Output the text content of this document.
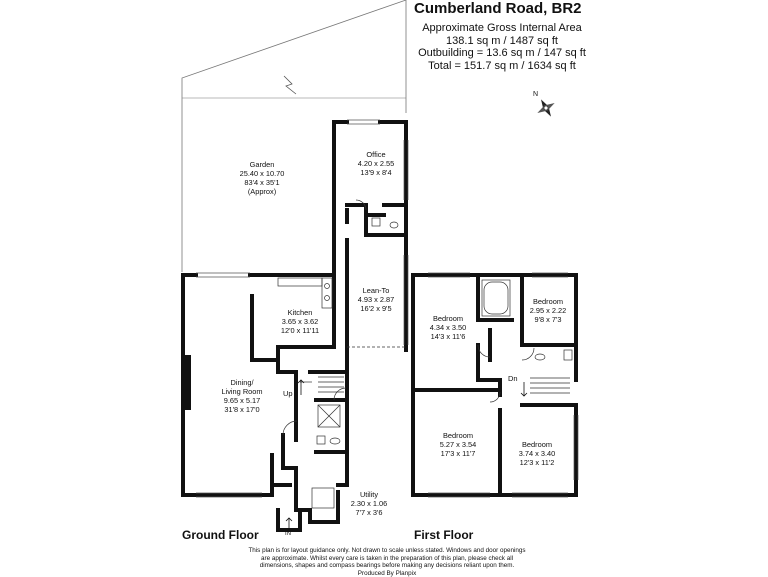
Cumberland Road, BR2
Approximate Gross Internal Area
138.1 sq m / 1487 sq ft
Outbuilding = 13.6 sq m / 147 sq ft
Total = 151.7 sq m / 1634 sq ft
N
Garden
25.40 x 10.70
83'4 x 35'1
(Approx)
Office
4.20 x 2.55
13'9 x 8'4
Lean-To
4.93 x 2.87
16'2 x 9'5
Kitchen
3.65 x 3.62
12'0 x 11'11
Dining/
Living Room
9.65 x 5.17
31'8 x 17'0
Utility
2.30 x 1.06
7'7 x 3'6
Bedroom
4.34 x 3.50
14'3 x 11'6
Bedroom
2.95 x 2.22
9'8 x 7'3
Bedroom
5.27 x 3.54
17'3 x 11'7
Bedroom
3.74 x 3.40
12'3 x 11'2
Up
Dn
IN
Ground Floor	First Floor
This plan is for layout guidance only. Not drawn to scale unless stated. Windows and door openings
are approximate. Whilst every care is taken in the preparation of this plan, please check all
dimensions, shapes and compass bearings before making any decisions reliant upon them.
Produced By Planpix
